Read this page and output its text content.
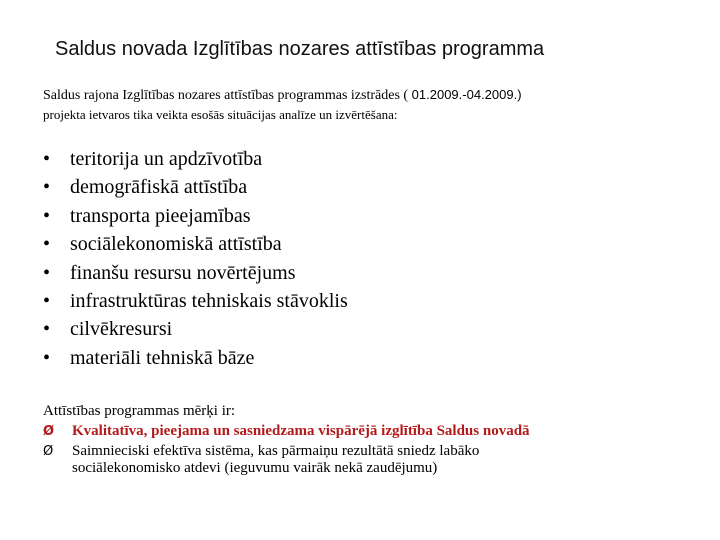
Saldus novada Izglītības nozares attīstības programma
Saldus rajona Izglītības nozares attīstības programmas izstrādes ( 01.2009.-04.2009.)
projekta ietvaros tika veikta esošās situācijas analīze un izvērtēšana:
• teritorija un apdzīvotība
• demogrāfiskā attīstība
• transporta pieejamības
• sociālekonomiskā attīstība
• finanšu resursu novērtējums
• infrastruktūras tehniskais stāvoklis
• cilvēkresursi
• materiāli tehniskā bāze
Attīstības programmas mērķi ir:
Ø	Kvalitatīva, pieejama un sasniedzama vispārējā izglītība Saldus novadā
Ø	Saimnieciski efektīva sistēma, kas pārmaiņu rezultātā sniedz labāko
sociālekonomisko atdevi (ieguvumu vairāk nekā zaudējumu)
